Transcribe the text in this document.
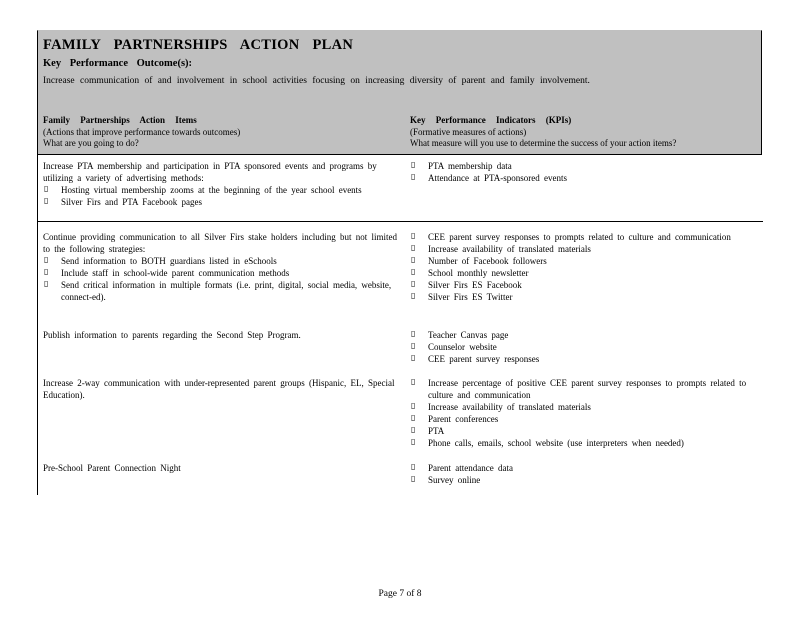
FAMILY PARTNERSHIPS ACTION PLAN
Key Performance Outcome(s):
Increase communication of and involvement in school activities focusing on increasing diversity of parent and family involvement.
Family Partnerships Action Items
(Actions that improve performance towards outcomes)
What are you going to do?
Key Performance Indicators (KPIs)
(Formative measures of actions)
What measure will you use to determine the success of your action items?
Increase PTA membership and participation in PTA sponsored events and programs by utilizing a variety of advertising methods:
▯ Hosting virtual membership zooms at the beginning of the year school events
▯ Silver Firs and PTA Facebook pages
▯ PTA membership data
▯ Attendance at PTA-sponsored events
Continue providing communication to all Silver Firs stake holders including but not limited to the following strategies:
▯ Send information to BOTH guardians listed in eSchools
▯ Include staff in school-wide parent communication methods
▯ Send critical information in multiple formats (i.e. print, digital, social media, website, connect-ed).
▯ CEE parent survey responses to prompts related to culture and communication
▯ Increase availability of translated materials
▯ Number of Facebook followers
▯ School monthly newsletter
▯ Silver Firs ES Facebook
▯ Silver Firs ES Twitter
Publish information to parents regarding the Second Step Program.	▯ Teacher Canvas page
▯ Counselor website
▯ CEE parent survey responses
Increase 2-way communication with under-represented parent groups (Hispanic, EL, Special Education).
▯ Increase percentage of positive CEE parent survey responses to prompts related to culture and communication
▯ Increase availability of translated materials
▯ Parent conferences
▯ PTA
▯ Phone calls, emails, school website (use interpreters when needed)
Pre-School Parent Connection Night	▯ Parent attendance data
▯ Survey online
Page 7 of 8
